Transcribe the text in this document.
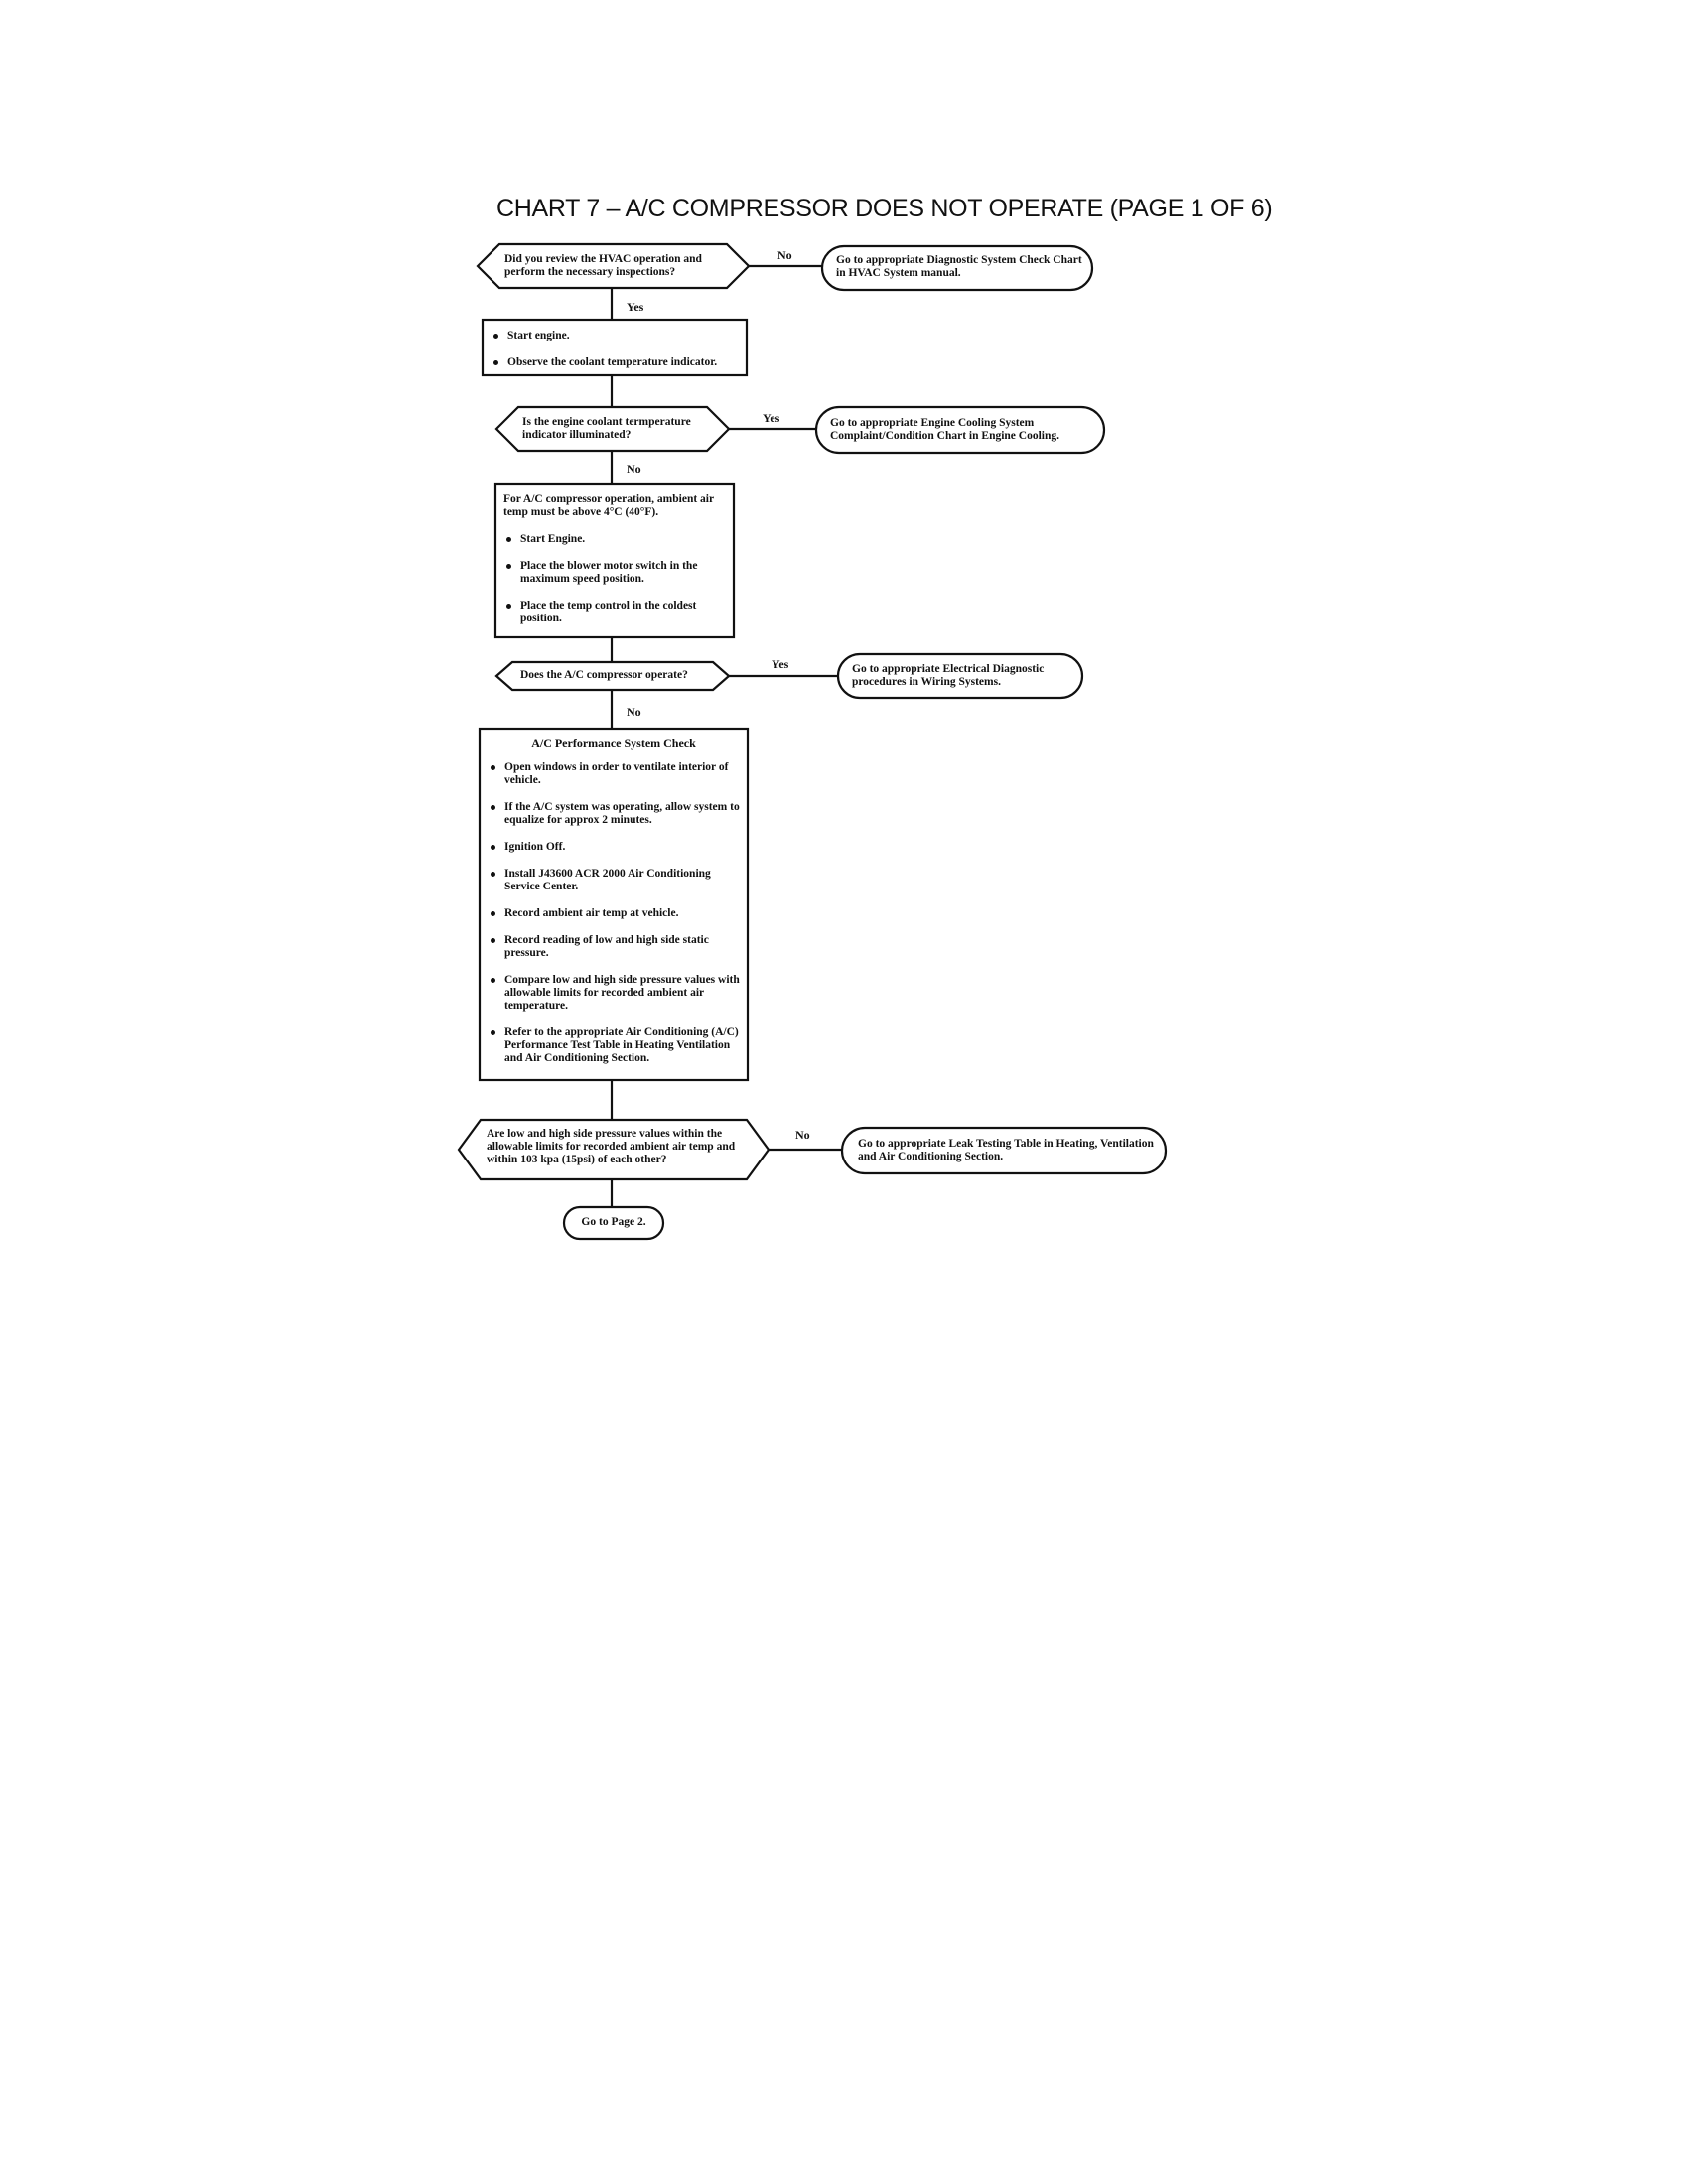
CHART 7 – A/C COMPRESSOR DOES NOT OPERATE (PAGE 1 OF 6)

Did you review the HVAC operation and perform the necessary inspections?

Is the engine coolant termperature indicator illuminated?

Does the A/C compressor operate?

Are low and high side pressure values within the allowable limits for recorded ambient air temp and within 103 kpa (15psi) of each other?

No
Yes
Yes
No
Yes
No
No

Go to appropriate Diagnostic System Check Chart in HVAC System manual.

Go to appropriate Engine Cooling System Complaint/Condition Chart in Engine Cooling.

Go to appropriate Electrical Diagnostic procedures in Wiring Systems.

Go to appropriate Leak Testing Table in Heating, Ventilation and Air Conditioning Section.

Go to Page 2.

Start engine.
Observe the coolant temperature indicator.

For A/C compressor operation, ambient air temp must be above 4°C (40°F).

Start Engine.
Place the blower motor switch in the maximum speed position.
Place the temp control in the coldest position.
A/C Performance System Check
Open windows in order to ventilate interior of vehicle.
If the A/C system was operating, allow system to equalize for approx 2 minutes.
Ignition Off.
Install J43600 ACR 2000 Air Conditioning Service Center.
Record ambient air temp at vehicle.
Record reading of low and high side static pressure.
Compare low and high side pressure values with allowable limits for recorded ambient air temperature.
Refer to the appropriate Air Conditioning (A/C) Performance Test Table in Heating Ventilation and Air Conditioning Section.
